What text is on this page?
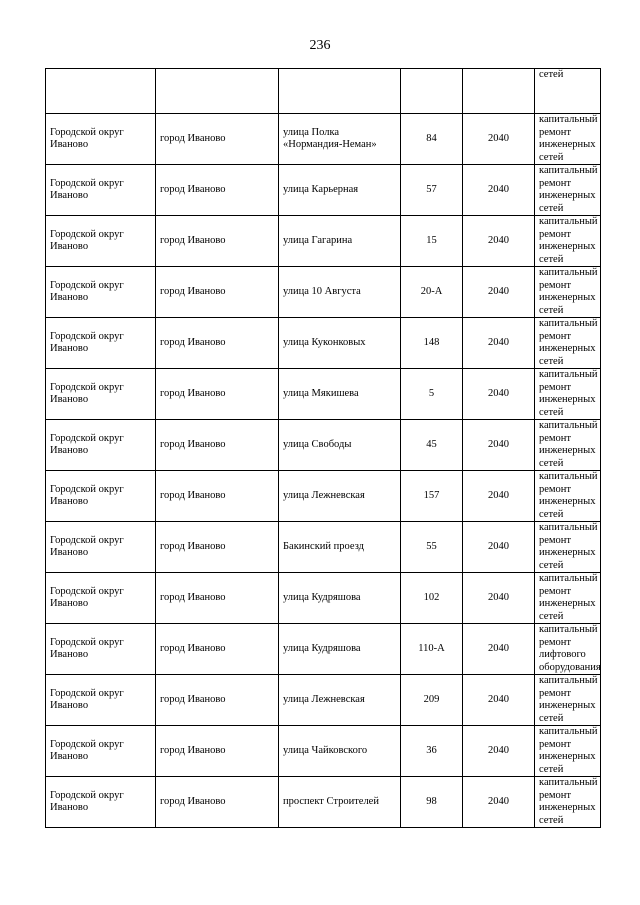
236
					сетей
Городской округ Иваново	город Иваново	улица Полка «Нормандия-Неман»	84	2040	капитальный ремонт инженерных сетей
Городской округ Иваново	город Иваново	улица Карьерная	57	2040	капитальный ремонт инженерных сетей
Городской округ Иваново	город Иваново	улица Гагарина	15	2040	капитальный ремонт инженерных сетей
Городской округ Иваново	город Иваново	улица 10 Августа	20-А	2040	капитальный ремонт инженерных сетей
Городской округ Иваново	город Иваново	улица Куконковых	148	2040	капитальный ремонт инженерных сетей
Городской округ Иваново	город Иваново	улица Мякишева	5	2040	капитальный ремонт инженерных сетей
Городской округ Иваново	город Иваново	улица Свободы	45	2040	капитальный ремонт инженерных сетей
Городской округ Иваново	город Иваново	улица Лежневская	157	2040	капитальный ремонт инженерных сетей
Городской округ Иваново	город Иваново	Бакинский проезд	55	2040	капитальный ремонт инженерных сетей
Городской округ Иваново	город Иваново	улица Кудряшова	102	2040	капитальный ремонт инженерных сетей
Городской округ Иваново	город Иваново	улица Кудряшова	110-А	2040	капитальный ремонт лифтового оборудования
Городской округ Иваново	город Иваново	улица Лежневская	209	2040	капитальный ремонт инженерных сетей
Городской округ Иваново	город Иваново	улица Чайковского	36	2040	капитальный ремонт инженерных сетей
Городской округ Иваново	город Иваново	проспект Строителей	98	2040	капитальный ремонт инженерных сетей
